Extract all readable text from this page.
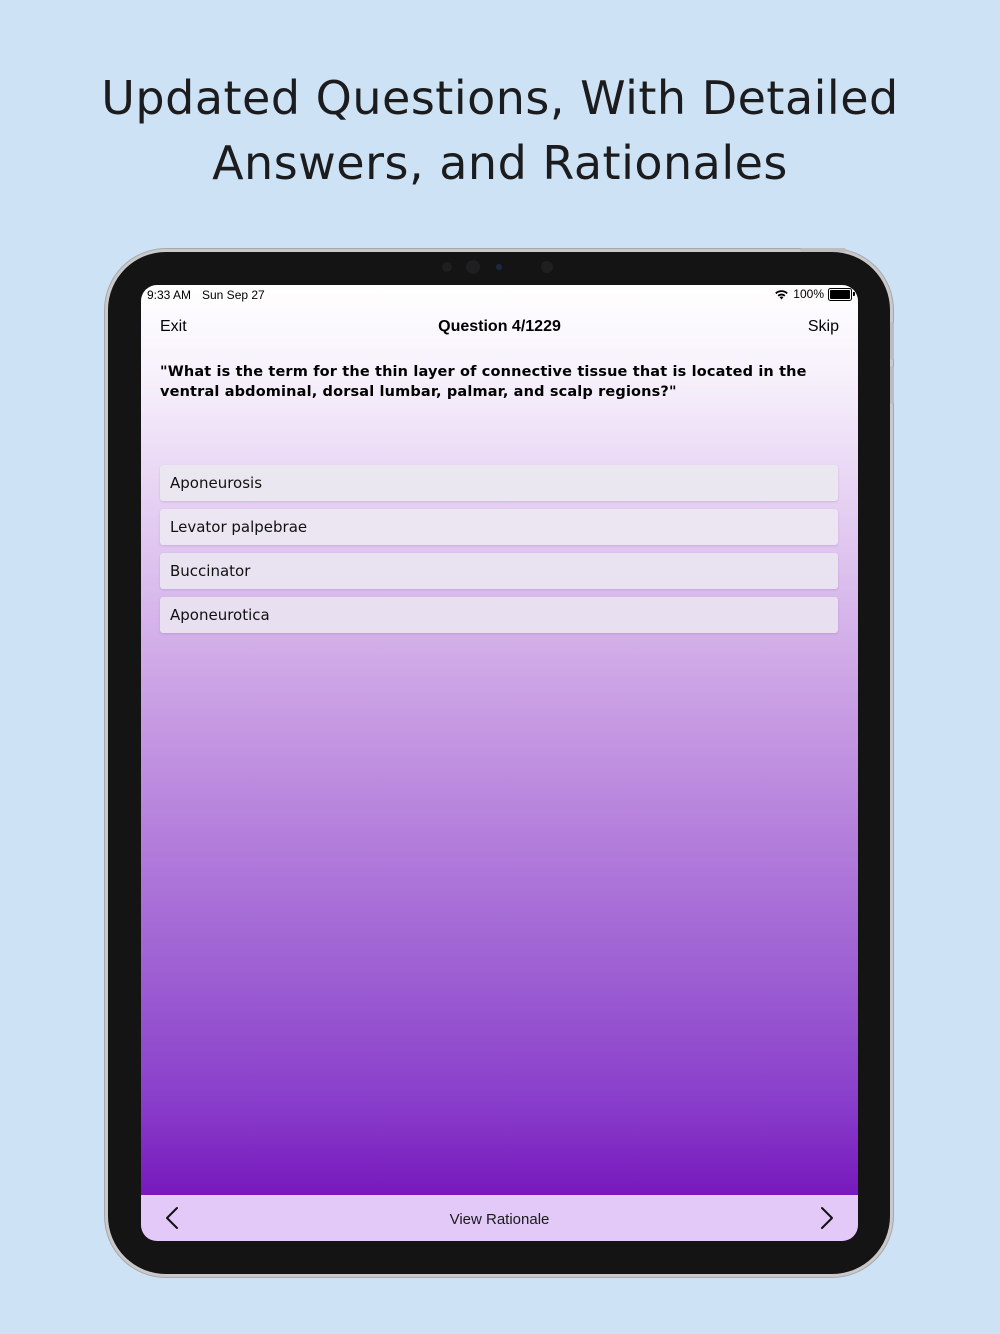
Updated Questions, With Detailed
Answers, and Rationales
9:33 AM Sun Sep 27	100%
Exit	Question 4/1229	Skip
"What is the term for the thin layer of connective tissue that is located in the ventral abdominal, dorsal lumbar, palmar, and scalp regions?"
Aponeurosis
Levator palpebrae
Buccinator
Aponeurotica
View Rationale
